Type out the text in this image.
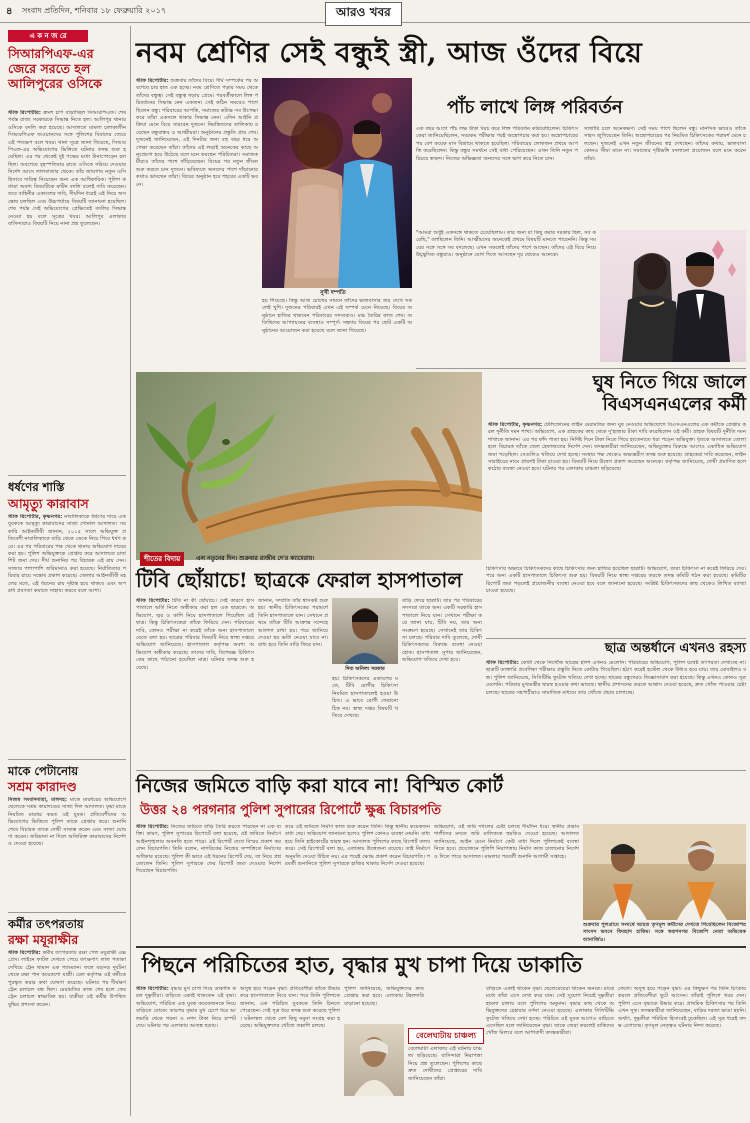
৪ সংবাদ প্রতিদিন, শনিবার ১৮ ফেব্রুয়ারি ২০১৭	আরও খবর
এ ক ন জ রে
সিআরপিএফ-এর জেরে সরতে হল আলিপুরের ওসিকে
স্টাফ রিপোর্টার: ক্রমশ চাপ বাড়াচ্ছিল সিআরপিএফ। শেষ পর্যন্ত রাজ্য সরকারকে সিদ্ধান্ত নিতে হল। আলিপুর থানার ওসিকে বদলি করা হয়েছে। আদালতে মামলা চলাকালীন সিআরপিএফ জওয়ানদের সঙ্গে পুলিশের বিবাদের জেরে এই পদক্ষেপ বলে খবর। থানা সূত্রে জানা গিয়েছে, সিআরপিএফ-এর অভিযোগের ভিত্তিতে ঘটনার তদন্ত শুরু হয়েছিল। এর পর থেকেই দুই পক্ষের মধ্যে টানাপোড়েন চলছিল। অবশেষে বৃহস্পতিবার রাতে ওসিকে সরিয়ে দেওয়ার নির্দেশ আসে লালবাজার থেকে। তাঁর জায়গায় নতুন ওসি হিসাবে দায়িত্ব নিয়েছেন অন্য এক আধিকারিক। পুলিশ কর্তারা অবশ্য বিষয়টিকে রুটিন বদলি বলেই দাবি করেছেন। তবে বাহিনীর একাংশের দাবি, দীর্ঘদিন ধরেই এই নিয়ে অসন্তোষ চলছিল এবং উচ্চপর্যায়ে বিষয়টি জানানো হয়েছিল। শেষ পর্যন্ত সেই অভিযোগের প্রেক্ষিতেই বদলির সিদ্ধান্ত নেওয়া হয় বলে সূত্রের খবর। আলিপুর এলাকার বাসিন্দারাও বিষয়টি নিয়ে নানা প্রশ্ন তুলেছেন।
ধর্ষণের শাস্তি
আমৃত্যু কারাবাস
স্টাফ রিপোর্টার, কৃষ্ণনগর: নাবালিকাকে ধর্ষণের দায়ে এক যুবককে আমৃত্যু কারাবাসের সাজা শোনাল আদালত। সরকারি আইনজীবী জানান, ২০১৫ সালে অভিযুক্ত প্রতিবেশী নাবালিকাকে বাড়ি থেকে ডেকে নিয়ে গিয়ে ধর্ষণ করে। এর পর পরিবারের পক্ষ থেকে থানায় অভিযোগ দায়ের করা হয়। পুলিশ অভিযুক্তকে গ্রেপ্তার করে আদালতে চার্জশিট জমা দেয়। দীর্ঘ শুনানির পর বিচারক এই রায় দেন। সাজার পাশাপাশি জরিমানাও করা হয়েছে। নির্যাতিতার পরিবার রায়ে সন্তোষ প্রকাশ করেছে। জেলার আইনজীবী মহলের মতে, এই ধরনের রায় দৃষ্টান্ত হয়ে থাকবে এবং অপরাধ প্রবণতা কমাতে সাহায্য করবে বলে আশা।
মাকে পেটানোয়
সশ্রম কারাদণ্ড
নিজস্ব সংবাদদাতা, মালদহ: মাকে মারধরের অভিযোগে ছেলেকে সশ্রম কারাদণ্ডের সাজা দিল আদালত। বৃদ্ধা মাকে নিয়মিত মারধর করত ওই যুবক। প্রতিবেশীদের অভিযোগের ভিত্তিতে পুলিশ তাকে গ্রেপ্তার করে। শুনানি শেষে বিচারক তাকে দোষী সাব্যস্ত করেন এবং সাজা ঘোষণা করেন। জরিমানা না দিলে অতিরিক্ত কারাবাসের নির্দেশও দেওয়া হয়েছে।
কর্মীর তৎপরতায়
রক্ষা মযূরাক্ষীর
স্টাফ রিপোর্টার: কর্মীর তৎপরতায় রক্ষা পেল ময়ূরাক্ষী এক্সপ্রেস। লাইনে ফাটল দেখতে পেয়ে তৎক্ষণাৎ লাল পতাকা দেখিয়ে ট্রেন থামান এক গ্যাংম্যান। ফলে বড়সড় দুর্ঘটনা থেকে রক্ষা পান কয়েকশো যাত্রী। রেল কর্তৃপক্ষ ওই কর্মীকে পুরস্কৃত করার কথা ঘোষণা করেছে। ঘটনার পর দীর্ঘক্ষণ ট্রেন চলাচল বন্ধ ছিল। মেরামতির কাজ শেষ হলে ফের ট্রেন চলাচল স্বাভাবিক হয়। যাত্রীরা ওই কর্মীর উপস্থিত বুদ্ধির প্রশংসা করেন।
নবম শ্রেণির সেই বন্ধুই স্ত্রী, আজ ওঁদের বিয়ে
স্টাফ রিপোর্টার: শুক্রবার তাঁদের বিয়ে। দীর্ঘ সম্পর্কের পর অবশেষে চার হাত এক হচ্ছে। নবম শ্রেণিতে পড়ার সময় থেকে তাঁদের বন্ধুত্ব। সেই বন্ধুত্ব গড়ায় প্রেমে। পরবর্তীকালে লিঙ্গ পরিবর্তনের সিদ্ধান্ত নেন একজন। সেই কঠিন সময়েও পাশে ছিলেন বন্ধু। পরিবারের আপত্তি, সমাজের কটাক্ষ সব উপেক্ষা করে তাঁরা একসঙ্গে থাকার সিদ্ধান্ত নেন। এদিন আইনি প্রক্রিয়া মেনে বিয়ে সারবেন দুজনে। নিমন্ত্রিতদের তালিকায় রয়েছেন বন্ধুবান্ধব ও আত্মীয়রা। অনুষ্ঠানের প্রস্তুতি প্রায় শেষ। দুজনেই জানিয়েছেন, এই দিনটার জন্য বহু বছর ধরে অপেক্ষা করেছেন তাঁরা। তাঁদের এই লড়াই অনেকের কাছে অনুপ্রেরণা হয়ে উঠেছে বলে মনে করছেন পরিচিতরা। সমাজকর্মীরাও তাঁদের পাশে দাঁড়িয়েছেন। বিয়ের পর নতুন জীবন শুরু করতে চান দুজনে। ভবিষ্যতে অন্যদের পাশে দাঁড়ানোর কথাও ভাবছেন তাঁরা। বিয়ের অনুষ্ঠান হবে শহরের একটি ভবনে।
সুখী দম্পতি
হয় গিয়েছে। কিন্তু আজ চোখের সামনে তাঁদের ভালবাসার জয় দেখে সকলেই খুশি। দুজনের পরিবারই এখন এই সম্পর্ক মেনে নিয়েছে। বিয়ের অনুষ্ঠানে হাজির থাকবেন পরিবারের সদস্যরাও। মঞ্চ তৈরির কাজ শেষ। অতিথিদের আপ্যায়নের ব্যবস্থাও সম্পূর্ণ। সন্ধ্যায় বিয়ের পর ছোট একটি অনুষ্ঠানের আয়োজন করা হয়েছে বলে জানা গিয়েছে।
পাঁচ লাখে লিঙ্গ পরিবর্তন
এক বছর আগে পাঁচ লক্ষ টাকা খরচ করে লিঙ্গ পরিবর্তন করিয়েছিলেন। চিকিৎসকেরা জানিয়েছিলেন, সবরকম পরীক্ষার পরই অস্ত্রোপচার করা হয়। অস্ত্রোপচারের পর বেশ কয়েক মাস বিশ্রামে থাকতে হয়েছিল। পরিবারের লোকজন প্রথমে আপত্তি করেছিলেন। কিন্তু বন্ধুর সমর্থনে সেই বাধা পেরিয়েছেন। এখন তিনি নতুন পরিচয়ে স্বচ্ছন্দ। নিজের অভিজ্ঞতা অন্যদের সঙ্গে ভাগ করে নিতে চান।
সার্জারি চলে অনেকক্ষণ। সেই সময় পাশে ছিলেন বন্ধু। মানসিক ভাবেও তাঁকে সাহস জুগিয়েছেন তিনি। অস্ত্রোপচারের পর নিয়মিত চিকিৎসকের পরামর্শ মেনে চলছেন। দুজনেই এখন নতুন জীবনের স্বপ্ন দেখছেন। তাঁদের কথায়, ভালবাসা কোনও সীমা মানে না। সমাজের দৃষ্টিভঙ্গি বদলানো প্রয়োজন বলে মনে করেন তাঁরা।
"আমরা শুধুই একসঙ্গে থাকতে চেয়েছিলাম। তার জন্য যা কিছু করার দরকার ছিল, সব করেছি," বলছিলেন তিনি। আত্মীয়দের অনেকেই প্রথমে বিষয়টি মানতে পারেননি। কিন্তু সময়ের সঙ্গে সঙ্গে সব বদলেছে। এখন সকলেই তাঁদের পাশে আছেন। তাঁদের এই বিয়ে নিয়ে উচ্ছ্বসিত বন্ধুরাও। অনুষ্ঠানে যোগ দিতে আসছেন দূর থেকেও অনেকে।
ঘুষ নিতে গিয়ে জালে
বিএসএনএলের কর্মী
স্টাফ রিপোর্টার, কৃষ্ণনগর: টেলিফোনের লাইন মেরামতির জন্য ঘুষ নেওয়ার অভিযোগে বিএসএনএলের এক কর্মীকে গ্রেপ্তার করল দুর্নীতি দমন শাখা। অভিযোগ, এক গ্রাহকের কাছ থেকে দু'হাজার টাকা দাবি করেছিলেন ওই কর্মী। গ্রাহক বিষয়টি দুর্নীতি দমন শাখাকে জানান। এর পর ফাঁদ পাতা হয়। নির্দিষ্ট দিনে টাকা নিতে গিয়ে হাতেনাতে ধরা পড়েন অভিযুক্ত। ধৃতকে আদালতে তোলা হলে বিচারক তাঁকে জেল হেফাজতের নির্দেশ দেন। তদন্তকারীরা জানিয়েছেন, অভিযুক্তের বিরুদ্ধে আগেও একাধিক অভিযোগ জমা পড়েছিল। সেগুলিও খতিয়ে দেখা হচ্ছে। সংস্থার পক্ষ থেকেও অভ্যন্তরীণ তদন্ত শুরু হয়েছে। গ্রাহকেরা দাবি করেছেন, লাইন সারাইয়ের নামে প্রায়শই টাকা চাওয়া হয়। বিষয়টি নিয়ে উদ্বেগ প্রকাশ করেছেন অনেকে। কর্তৃপক্ষ জানিয়েছে, দোষী প্রমাণিত হলে কঠোর ব্যবস্থা নেওয়া হবে। ঘটনার পর এলাকায় চাঞ্চল্য ছড়িয়েছে।
শীতের বিদায়	এল নতুনের দিন। শুক্রবার রাজীব দে'র ক্যামেরায়।
টিবি ছোঁয়াচে! ছাত্রকে ফেরাল হাসপাতাল
স্টাফ রিপোর্টার: টিবি না কী ছোঁয়াচে। সেই কারণে হাসপাতালে ভর্তি নিতে অস্বীকার করা হল এক ছাত্রকে। অভিযোগ, জ্বর ও কাশি নিয়ে হাসপাতালে গিয়েছিল ওই ছাত্র। কিন্তু চিকিৎসকেরা তাঁকে ফিরিয়ে দেন। পরিবারের দাবি, কোনও পরীক্ষা না করেই তাঁকে অন্য হাসপাতালে যেতে বলা হয়। ছাত্রের পরিবার বিষয়টি নিয়ে স্বাস্থ্য দপ্তরে অভিযোগ জানিয়েছে। হাসপাতাল কর্তৃপক্ষ অবশ্য অভিযোগ অস্বীকার করেছে। তাদের দাবি, বিশেষজ্ঞ চিকিৎসকের কাছে পাঠানো হয়েছিল মাত্র। ঘটনার তদন্ত শুরু হয়েছে।
জানান, সম্প্রতি তাঁর শ্বাসকষ্ট শুরু হয়। স্থানীয় চিকিৎসকের পরামর্শে তিনি হাসপাতালে যান। সেখানে প্রথমে তাঁকে টিবি আক্রান্ত সন্দেহে আলাদা রাখা হয়। পরে জানিয়ে দেওয়া হয় ভর্তি নেওয়া যাবে না। বাধ্য হয়ে তিনি বাড়ি ফিরে যান।
দিব্য অনিল্য সরকার
হয়। চিকিৎসকদের একাংশের মতে, টিবি রোগীর চিকিৎসা নিয়মিত হাসপাতালেই হওয়া উচিত। এ ভাবে রোগী ফেরানো ঠিক নয়। স্বাস্থ্য দপ্তর বিষয়টি খতিয়ে দেখছে।
বাড়ি ফেরে ছাত্রটি। তার পর পরিবারের সদস্যরা তাকে অন্য একটি সরকারি হাসপাতালে নিয়ে যান। সেখানে পরীক্ষা করে জানা যায়, টিবি নয়, তার অন্য সংক্রমণ হয়েছে। সেখানেই তার চিকিৎসা চলছে। পরিবার দাবি তুলেছে, দোষী চিকিৎসকদের বিরুদ্ধে ব্যবস্থা নেওয়া হোক। হাসপাতাল সুপার জানিয়েছেন, অভিযোগ খতিয়ে দেখা হবে।
চিকিৎসার অভাবে চিকিৎসকদের কাছে চিকিৎসার জন্য হাজির হয়েছিল ছাত্রটি। অভিযোগ, তারা চিকিৎসা না করেই ফিরিয়ে দেয়। পরে অন্য একটি হাসপাতালে চিকিৎসা শুরু হয়। বিষয়টি নিয়ে স্বাস্থ্য দপ্তরের তরফে তদন্ত কমিটি গঠন করা হয়েছে। কমিটির রিপোর্ট জমা পড়লেই প্রয়োজনীয় ব্যবস্থা নেওয়া হবে বলে জানানো হয়েছে। সংশ্লিষ্ট চিকিৎসকদের কাছ থেকেও লিখিত ব্যাখ্যা চাওয়া হয়েছে।
ছাত্র অন্তর্ধানে এখনও রহস্য
স্টাফ রিপোর্টার: কোটা থেকে নিখোঁজ ছাত্রের হদিশ এখনও মেলেনি। পরিবারের অভিযোগ, পুলিশ যথেষ্ট তৎপরতা দেখাচ্ছে না। ছাত্রটি ডাক্তারি প্রবেশিকা পরীক্ষার প্রস্তুতি নিতে কোটায় গিয়েছিল। হঠাৎ করেই হস্টেল থেকে উধাও হয়ে যায়। তার মোবাইলও বন্ধ। পুলিশ জানিয়েছে, সিসিটিভি ফুটেজ খতিয়ে দেখা হচ্ছে। ছাত্রের বন্ধুদেরও জিজ্ঞাসাবাদ করা হয়েছে। কিন্তু এখনও কোনও সূত্র মেলেনি। পরিবার মুখ্যমন্ত্রীর দ্বারস্থ হওয়ার কথা ভাবছে। স্থানীয় প্রশাসনের তরফে আশ্বাস দেওয়া হয়েছে, দ্রুত খোঁজ পাওয়ার চেষ্টা চলছে। ছাত্রের সহপাঠীরাও সামাজিক মাধ্যমে তার খোঁজে প্রচার চালাচ্ছে।
নিজের জমিতে বাড়ি করা যাবে না! বিস্মিত কোর্ট
উত্তর ২৪ পরগনার পুলিশ সুপারের রিপোর্টে ক্ষুব্ধ বিচারপতি
স্টাফ রিপোর্টার: নিজের জমিতে বাড়ি তৈরি করতে পারছেন না এক ব্যক্তি। কারণ, পুলিশ সুপারের রিপোর্টে বলা হয়েছে, ওই জমিতে নির্মাণে আইনশৃঙ্খলার অবনতি হতে পারে। এই রিপোর্ট দেখে বিস্ময় প্রকাশ করলেন বিচারপতি। তিনি বলেন, নাগরিকের নিজের সম্পত্তিতে নির্মাণের অধিকার রয়েছে। পুলিশ কী ভাবে এই ধরনের রিপোর্ট দেয়, তা নিয়ে প্রশ্ন তোলেন তিনি। পুলিশ সুপারকে ফের রিপোর্ট জমা দেওয়ার নির্দেশ দিয়েছেন বিচারপতি।
করে ওই জমিতে নির্মাণ কাজ শুরু করেন তিনি। কিন্তু স্থানীয় কয়েকজন বাধা দেয়। অভিযোগ জানানো হলেও পুলিশ কোনও ব্যবস্থা নেয়নি। বাধ্য হয়ে তিনি হাইকোর্টের দ্বারস্থ হন। আদালত পুলিশের কাছে রিপোর্ট তলব করে। সেই রিপোর্টে বলা হয়, এলাকায় উত্তেজনা রয়েছে। তাই নির্মাণে অনুমতি দেওয়া উচিত নয়। এর পরেই ক্ষোভ প্রকাশ করেন বিচারপতি। পরবর্তী শুনানিতে পুলিশ সুপারকে হাজির থাকার নির্দেশ দেওয়া হয়েছে।
অভিযোগ, ওই জমি দখলের চেষ্টা চলছে দীর্ঘদিন ধরে। স্থানীয় প্রভাবশালীদের মদতে জমি মালিককে হুমকিও দেওয়া হয়েছে। আদালত জানিয়েছে, আইন মেনে নির্মাণে কেউ বাধা দিলে পুলিশকেই ব্যবস্থা নিতে হবে। প্রয়োজনে পুলিশি নিরাপত্তায় নির্মাণ কাজ চালানোর নির্দেশও দিতে পারে আদালত। মামলার পরবর্তী শুনানি আগামী সপ্তাহে।
শুক্রবার পুলগ্রামে সংঘর্ষে আহত তৃণমূল কর্মীদের দেখতে গিয়েছিলেন বিজেপির সাংসদ ভবনে ফিরহাদ হাকিম। সঙ্গে স্বরূপনগর বিজেপি নেতা অভিষেক ব্যানার্জিও।
পিছনে পরিচিতের হাত, বৃদ্ধার মুখ চাপা দিয়ে ডাকাতি
স্টাফ রিপোর্টার: বৃদ্ধার মুখ চাপা দিয়ে ডাকাতি করল দুষ্কৃতীরা। বাড়িতে একাই থাকতেন ওই বৃদ্ধা। অভিযোগ, পরিচিত এক যুবক কয়েকজনকে নিয়ে বাড়িতে ঢোকে। তারপর বৃদ্ধার মুখ চেপে ধরে আলমারি থেকে গয়না ও নগদ টাকা নিয়ে চম্পট দেয়। ঘটনার পর এলাকায় আতঙ্ক ছড়ায়।
অসুস্থ হয়ে পড়েন বৃদ্ধা। প্রতিবেশীরা তাঁকে উদ্ধার করে হাসপাতালে নিয়ে যান। পরে তিনি পুলিশকে জানান, এক পরিচিত যুবককে তিনি চিনতে পেরেছেন। সেই সূত্র ধরে তদন্ত শুরু করেছে পুলিশ। ঘটনাস্থল থেকে বেশ কিছু নমুনা সংগ্রহ করা হয়েছে। অভিযুক্তদের খোঁজে তল্লাশি চলছে।
পুলিশ জানিয়েছে, অভিযুক্তদের দ্রুত গ্রেপ্তার করা হবে। এলাকায় টহলদারি বাড়ানো হয়েছে।
বেলেঘাটায় চাঞ্চল্য
বেলেঘাটা এলাকায় এই ঘটনায় চাঞ্চল্য ছড়িয়েছে। বাসিন্দারা নিরাপত্তা নিয়ে প্রশ্ন তুলেছেন। পুলিশের কাছে দ্রুত দোষীদের গ্রেপ্তারের দাবি জানিয়েছেন তাঁরা।
বাড়িতে একাই থাকেন বৃদ্ধা। ছেলেমেয়েরা থাকেন অন্যত্র। মাঝে মধ্যে তাঁরা এসে দেখা করে যান। সেই সুযোগ নিয়েই দুষ্কৃতীরা হামলা চালায় বলে পুলিশের অনুমান। বৃদ্ধার কাছ থেকে অভিযুক্তদের চেহারার বর্ণনা নেওয়া হয়েছে। এলাকার সিসিটিভি ফুটেজ খতিয়ে দেখা হচ্ছে। পরিচিত ওই যুবক আগেও বাড়িতে এসেছিল বলে জানিয়েছেন বৃদ্ধা। তাকে জেরা করলেই বাকিদের খোঁজ মিলবে বলে আশাবাদী তদন্তকারীরা।
ফেলে। অসুস্থ হয়ে পড়েন বৃদ্ধা। এর কিছুক্ষণ পর তিনি চিৎকার করলে প্রতিবেশীরা ছুটে আসেন। তাঁরাই পুলিশে খবর দেন। পুলিশ এসে বৃদ্ধাকে উদ্ধার করে। প্রাথমিক চিকিৎসার পর তিনি এখন সুস্থ। তদন্তকারীরা জানিয়েছেন, বাড়ির দরজা ভাঙা হয়নি। অর্থাৎ, দুষ্কৃতীরা পরিচিত হিসাবেই ঢুকেছিল। এই সূত্র ধরেই তদন্ত এগোচ্ছে। তৃণমূল নেতৃত্বও ঘটনার নিন্দা করেছে।
